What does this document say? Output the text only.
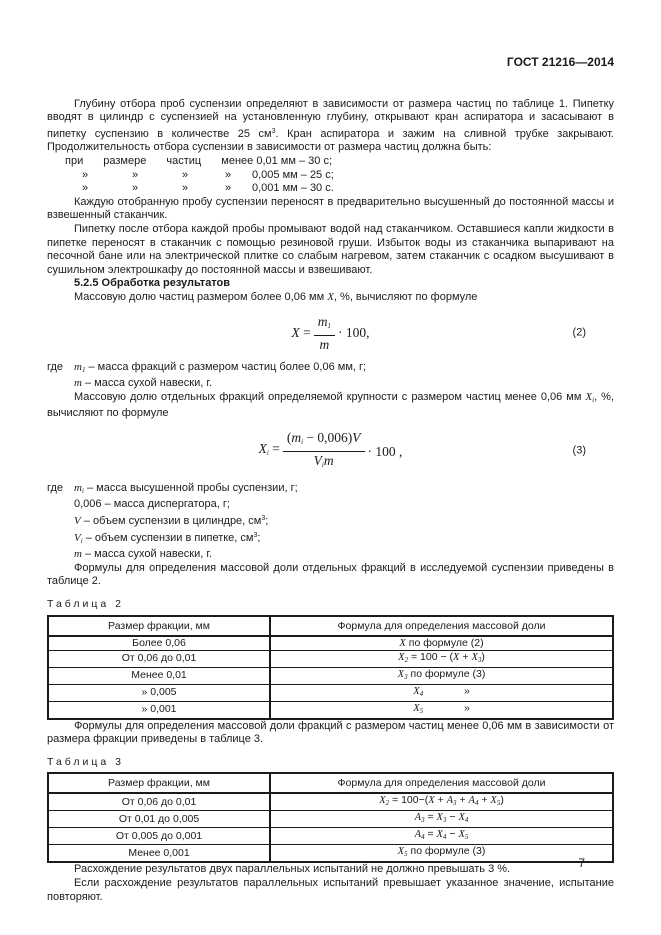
ГОСТ 21216—2014

Глубину отбора проб суспензии определяют в зависимости от размера частиц по таблице 1. Пипетку вводят в цилиндр с суспензией на установленную глубину, открывают кран аспиратора и засасывают в пипетку суспензию в количестве 25 $см^3$. Кран аспиратора и зажим на сливной трубке закрывают. Продолжительность отбора суспензии в зависимости от размера частиц должна быть:

при размере частиц менее 0,01 мм – 30 с;
»	»	»	»	0,005 мм – 25 с;
»	»	»	»	0,001 мм – 30 с.

Каждую отобранную пробу суспензии переносят в предварительно высушенный до постоянной массы и взвешенный стаканчик.

Пипетку после отбора каждой пробы промывают водой над стаканчиком. Оставшиеся капли жидкости в пипетке переносят в стаканчик с помощью резиновой груши. Избыток воды из стаканчика выпаривают на песочной бане или на электрической плитке со слабым нагревом, затем стаканчик с осадком высушивают в сушильном электрошкафу до постоянной массы и взвешивают.

5.2.5 Обработка результатов

Массовую долю частиц размером более 0,06 мм X, %, вычисляют по формуле

$X = \frac{m_1}{m} \cdot 100$,	(2)
где $m_1$ – масса фракций с размером частиц более 0,06 мм, г;
m – масса сухой навески, г.

Массовую долю отдельных фракций определяемой крупности с размером частиц менее 0,06 мм $X_i$, %, вычисляют по формуле

$X_i = \frac{(m_i - 0,006)V}{V_im} \cdot 100$ ,	(3)
где $m_i$ – масса высушенной пробы суспензии, г;
0,006 – масса диспергатора, г;
V – объем суспензии в цилиндре, $см^3$;
$V_i$ – объем суспензии в пипетке, $см^3$;
m – масса сухой навески, г.

Формулы для определения массовой доли отдельных фракций в исследуемой суспензии приведены в таблице 2.

Таблица 2
Размер фракции, мм	Формула для определения массовой доли
Более 0,06	X по формуле (2)
От 0,06 до 0,01	$X_2 = 100 - (X + X_3)$
Менее 0,01	$X_3$ по формуле (3)
» 0,005	$X_4$              »
» 0,001	$X_5$              »

Формулы для определения массовой доли фракций с размером частиц менее 0,06 мм в зависимости от размера фракции приведены в таблице 3.

Таблица 3
Размер фракции, мм	Формула для определения массовой доли
От 0,06 до 0,01	$X_2 = 100-(X + A_3 + A_4 + X_5)$
От 0,01 до 0,005	$A_3 = X_3 - X_4$
От 0,005 до 0,001	$A_4 = X_4 - X_5$
Менее 0,001	$X_5$ по формуле (3)

Расхождение результатов двух параллельных испытаний не должно превышать 3 %.

Если расхождение результатов параллельных испытаний превышает указанное значение, испытание повторяют.

7
